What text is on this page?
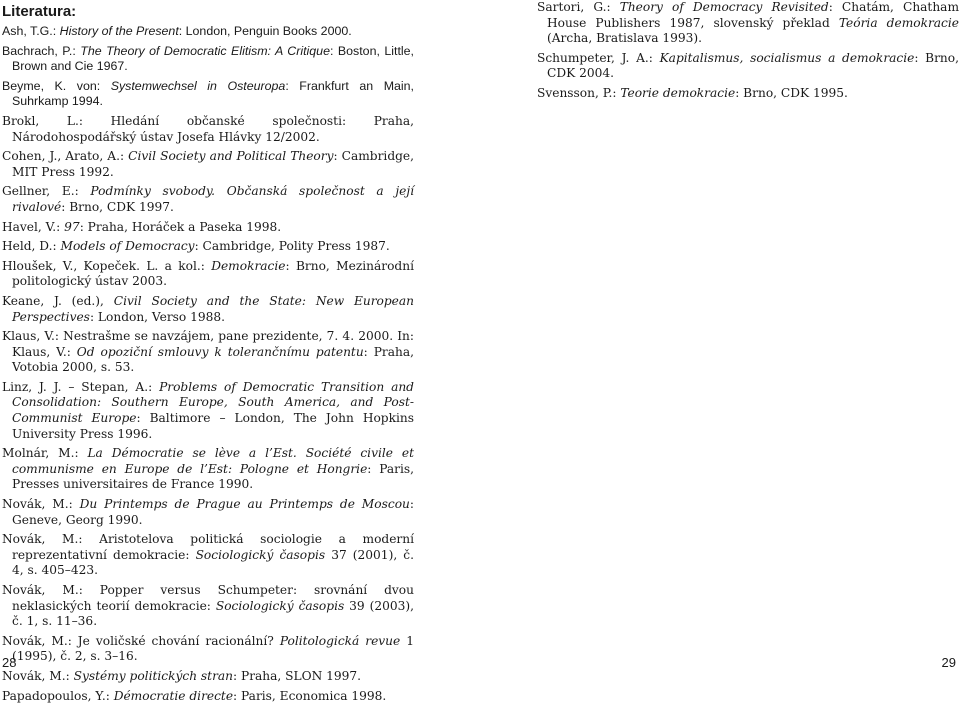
Literatura:

Ash, T.G.: History of the Present: London, Penguin Books 2000.

Bachrach, P.: The Theory of Democratic Elitism: A Critique: Boston, Little, Brown and Cie 1967.

Beyme, K. von: Systemwechsel in Osteuropa: Frankfurt an Main, Suhrkamp 1994.

Brokl, L.: Hledání občanské společnosti: Praha, Národohospodářský ústav Josefa Hlávky 12/2002.

Cohen, J., Arato, A.: Civil Society and Political Theory: Cambridge, MIT Press 1992.

Gellner, E.: Podmínky svobody. Občanská společnost a její rivalové: Brno, CDK 1997.

Havel, V.: 97: Praha, Horáček a Paseka 1998.

Held, D.: Models of Democracy: Cambridge, Polity Press 1987.

Hloušek, V., Kopeček. L. a kol.: Demokracie: Brno, Mezinárodní politologický ústav 2003.

Keane, J. (ed.), Civil Society and the State: New European Perspectives: London, Verso 1988.

Klaus, V.: Nestrašme se navzájem, pane prezidente, 7. 4. 2000. In: Klaus, V.: Od opoziční smlouvy k tolerančnímu patentu: Praha, Votobia 2000, s. 53.

Linz, J. J. – Stepan, A.: Problems of Democratic Transition and Consolidation: Southern Europe, South America, and Post-Communist Europe: Baltimore – London, The John Hopkins University Press 1996.

Molnár, M.: La Démocratie se lève a l’Est. Société civile et communisme en Europe de l’Est: Pologne et Hongrie: Paris, Presses universitaires de France 1990.

Novák, M.: Du Printemps de Prague au Printemps de Moscou: Geneve, Georg 1990.

Novák, M.: Aristotelova politická sociologie a moderní reprezentativní demokracie: Sociologický časopis 37 (2001), č. 4, s. 405–423.

Novák, M.: Popper versus Schumpeter: srovnání dvou neklasických teorií demokracie: Sociologický časopis 39 (2003), č. 1, s. 11–36.

Novák, M.: Je voličské chování racionální? Politologická revue 1 (1995), č. 2, s. 3–16.

Novák, M.: Systémy politických stran: Praha, SLON 1997.

Papadopoulos, Y.: Démocratie directe: Paris, Economica 1998.

Sartori, G.: Theory of Democracy Revisited: Chatám, Chatham House Publishers 1987, slovenský překlad Teória demokracie (Archa, Bratislava 1993).

Schumpeter, J. A.: Kapitalismus, socialismus a demokracie: Brno, CDK 2004.

Svensson, P.: Teorie demokracie: Brno, CDK 1995.

28	29
